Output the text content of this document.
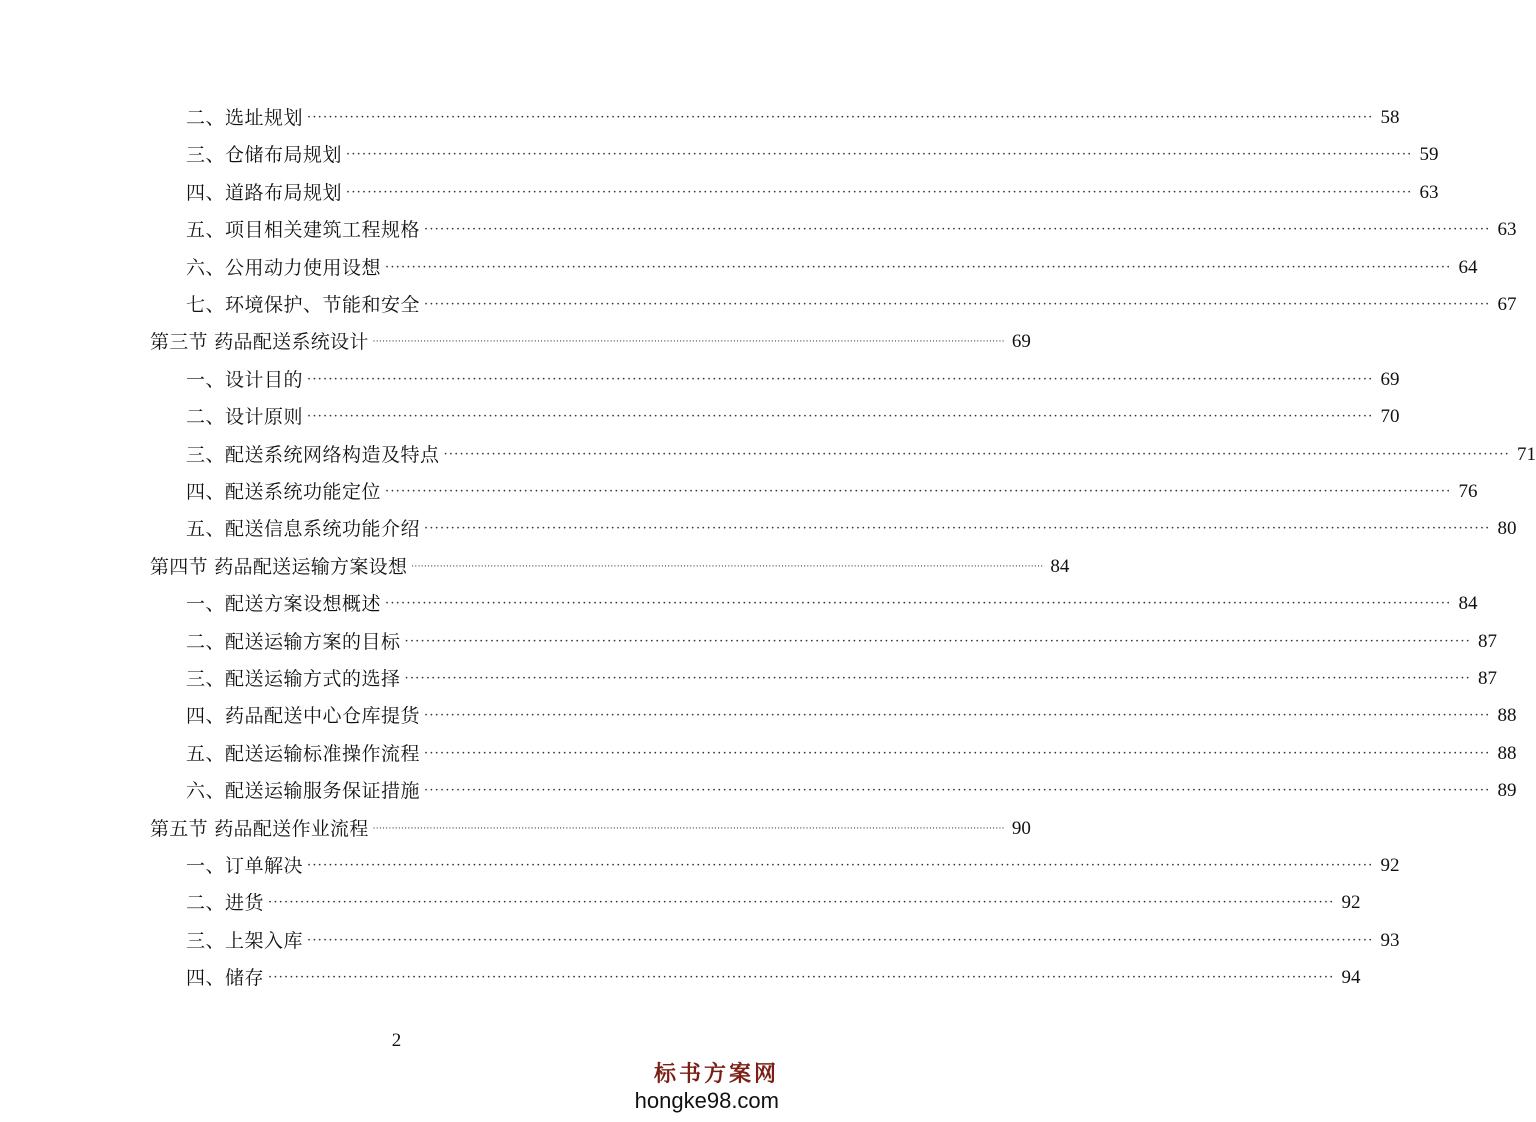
二、选址规划 ········································································································································································································ 58
三、仓储布局规划 ········································································································································································································ 59
四、道路布局规划 ········································································································································································································ 63
五、项目相关建筑工程规格 ········································································································································································································ 63
六、公用动力使用设想 ········································································································································································································ 64
七、环境保护、节能和安全 ········································································································································································································ 67
第三节 药品配送系统设计 ········································································································································································································ 69
一、设计目的 ········································································································································································································ 69
二、设计原则 ········································································································································································································ 70
三、配送系统网络构造及特点 ········································································································································································································ 71
四、配送系统功能定位 ········································································································································································································ 76
五、配送信息系统功能介绍 ········································································································································································································ 80
第四节 药品配送运输方案设想 ········································································································································································································ 84
一、配送方案设想概述 ········································································································································································································ 84
二、配送运输方案的目标 ········································································································································································································ 87
三、配送运输方式的选择 ········································································································································································································ 87
四、药品配送中心仓库提货 ········································································································································································································ 88
五、配送运输标准操作流程 ········································································································································································································ 88
六、配送运输服务保证措施 ········································································································································································································ 89
第五节 药品配送作业流程 ········································································································································································································ 90
一、订单解决 ········································································································································································································ 92
二、进货 ········································································································································································································ 92
三、上架入库 ········································································································································································································ 93
四、储存 ········································································································································································································ 94
2
标书方案网
hongke98.com
